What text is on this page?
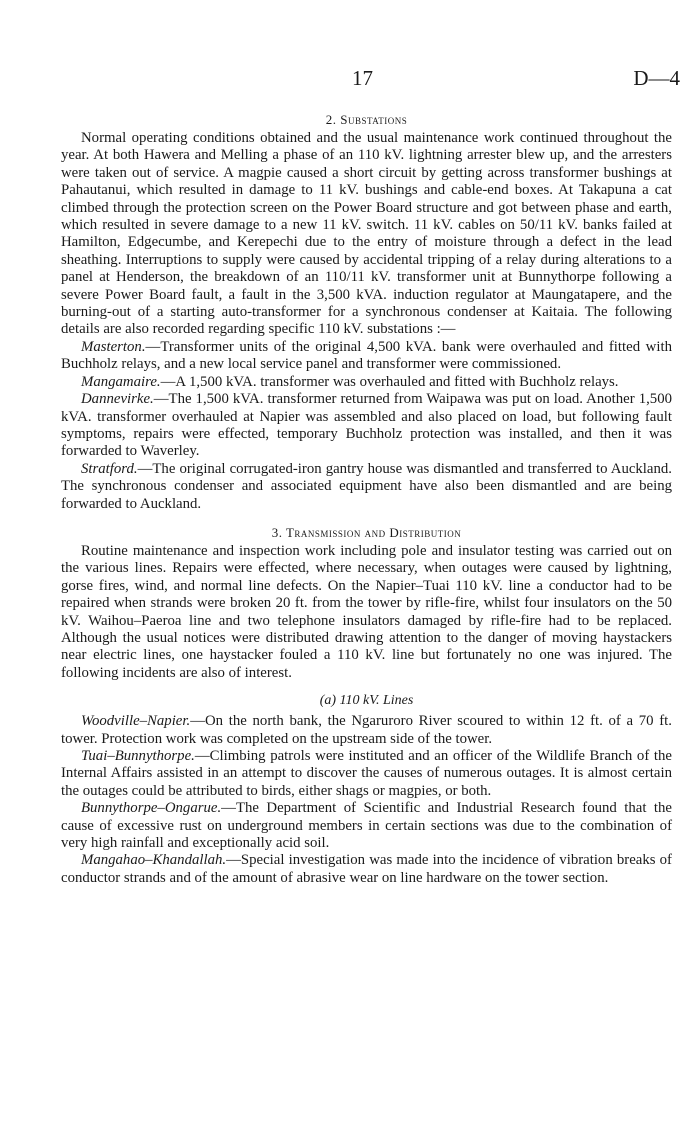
17	D—4
2. Substations

Normal operating conditions obtained and the usual maintenance work continued throughout the year. At both Hawera and Melling a phase of an 110 kV. lightning arrester blew up, and the arresters were taken out of service. A magpie caused a short circuit by getting across transformer bushings at Pahautanui, which resulted in damage to 11 kV. bushings and cable-end boxes. At Takapuna a cat climbed through the protection screen on the Power Board structure and got between phase and earth, which resulted in severe damage to a new 11 kV. switch. 11 kV. cables on 50/11 kV. banks failed at Hamilton, Edgecumbe, and Kerepechi due to the entry of moisture through a defect in the lead sheathing. Interruptions to supply were caused by accidental tripping of a relay during alterations to a panel at Henderson, the breakdown of an 110/11 kV. transformer unit at Bunnythorpe following a severe Power Board fault, a fault in the 3,500 kVA. induction regulator at Maungatapere, and the burning-out of a starting auto-transformer for a synchronous condenser at Kaitaia. The following details are also recorded regarding specific 110 kV. substations :—

Masterton.—Transformer units of the original 4,500 kVA. bank were overhauled and fitted with Buchholz relays, and a new local service panel and transformer were commissioned.

Mangamaire.—A 1,500 kVA. transformer was overhauled and fitted with Buchholz relays.

Dannevirke.—The 1,500 kVA. transformer returned from Waipawa was put on load. Another 1,500 kVA. transformer overhauled at Napier was assembled and also placed on load, but following fault symptoms, repairs were effected, temporary Buchholz protection was installed, and then it was forwarded to Waverley.

Stratford.—The original corrugated-iron gantry house was dismantled and transferred to Auckland. The synchronous condenser and associated equipment have also been dismantled and are being forwarded to Auckland.

3. Transmission and Distribution

Routine maintenance and inspection work including pole and insulator testing was carried out on the various lines. Repairs were effected, where necessary, when outages were caused by lightning, gorse fires, wind, and normal line defects. On the Napier–Tuai 110 kV. line a conductor had to be repaired when strands were broken 20 ft. from the tower by rifle-fire, whilst four insulators on the 50 kV. Waihou–Paeroa line and two telephone insulators damaged by rifle-fire had to be replaced. Although the usual notices were distributed drawing attention to the danger of moving haystackers near electric lines, one haystacker fouled a 110 kV. line but fortunately no one was injured. The following incidents are also of interest.

(a) 110 kV. Lines

Woodville–Napier.—On the north bank, the Ngaruroro River scoured to within 12 ft. of a 70 ft. tower. Protection work was completed on the upstream side of the tower.

Tuai–Bunnythorpe.—Climbing patrols were instituted and an officer of the Wildlife Branch of the Internal Affairs assisted in an attempt to discover the causes of numerous outages. It is almost certain the outages could be attributed to birds, either shags or magpies, or both.

Bunnythorpe–Ongarue.—The Department of Scientific and Industrial Research found that the cause of excessive rust on underground members in certain sections was due to the combination of very high rainfall and exceptionally acid soil.

Mangahao–Khandallah.—Special investigation was made into the incidence of vibration breaks of conductor strands and of the amount of abrasive wear on line hardware on the tower section.
